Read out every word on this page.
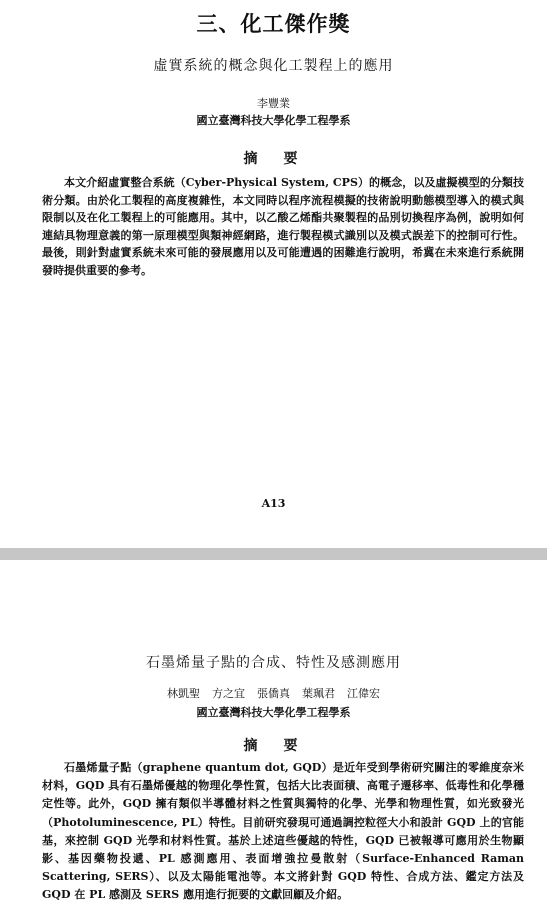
三、化工傑作獎
虛實系統的概念與化工製程上的應用
李豐業
國立臺灣科技大學化學工程學系
摘　要

本文介紹虛實整合系統（Cyber-Physical System, CPS）的概念，以及虛擬模型的分類技術分類。由於化工製程的高度複雜性，本文同時以程序流程模擬的技術說明動態模型導入的模式與限制以及在化工製程上的可能應用。其中，以乙酸乙烯酯共聚製程的品別切換程序為例，說明如何連結具物理意義的第一原理模型與類神經網路，進行製程模式識別以及模式誤差下的控制可行性。最後，則針對虛實系統未來可能的發展應用以及可能遭遇的困難進行說明，希冀在未來進行系統開發時提供重要的參考。

A13
石墨烯量子點的合成、特性及感測應用
林凱聖 方之宜 張僑真 葉珮君 江偉宏
國立臺灣科技大學化學工程學系
摘　要

石墨烯量子點（graphene quantum dot, GQD）是近年受到學術研究關注的零維度奈米材料，GQD 具有石墨烯優越的物理化學性質，包括大比表面積、高電子遷移率、低毒性和化學穩定性等。此外，GQD 擁有類似半導體材料之性質與獨特的化學、光學和物理性質，如光致發光（Photoluminescence, PL）特性。目前研究發現可通過調控粒徑大小和設計 GQD 上的官能基，來控制 GQD 光學和材料性質。基於上述這些優越的特性，GQD 已被報導可應用於生物顯影、基因藥物投遞、PL 感測應用、表面增強拉曼散射（Surface-Enhanced Raman Scattering, SERS）、以及太陽能電池等。本文將針對 GQD 特性、合成方法、鑑定方法及 GQD 在 PL 感測及 SERS 應用進行扼要的文獻回顧及介紹。
